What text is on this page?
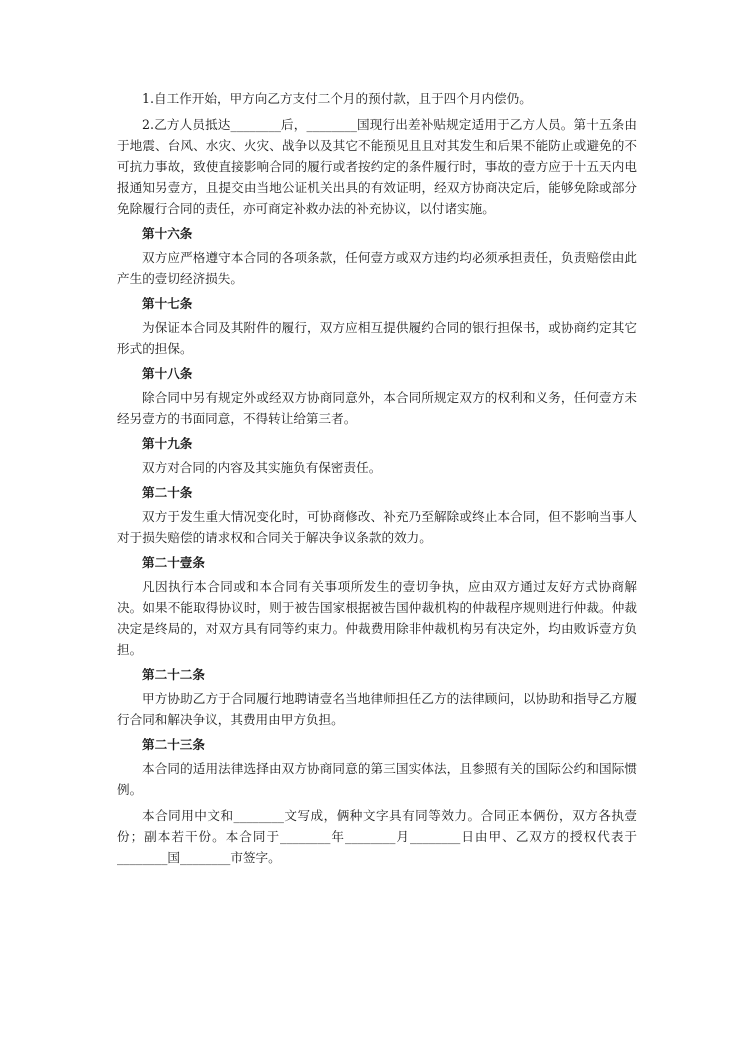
1.自工作开始，甲方向乙方支付二个月的预付款，且于四个月内偿仍。

2.乙方人员抵达________后，________国现行出差补贴规定适用于乙方人员。第十五条由于地震、台风、水灾、火灾、战争以及其它不能预见且且对其发生和后果不能防止或避免的不可抗力事故，致使直接影响合同的履行或者按约定的条件履行时，事故的壹方应于十五天内电报通知另壹方，且提交由当地公证机关出具的有效证明，经双方协商决定后，能够免除或部分免除履行合同的责任，亦可商定补救办法的补充协议，以付诸实施。

第十六条

双方应严格遵守本合同的各项条款，任何壹方或双方违约均必须承担责任，负责赔偿由此产生的壹切经济损失。

第十七条

为保证本合同及其附件的履行，双方应相互提供履约合同的银行担保书，或协商约定其它形式的担保。

第十八条

除合同中另有规定外或经双方协商同意外，本合同所规定双方的权利和义务，任何壹方未经另壹方的书面同意，不得转让给第三者。

第十九条

双方对合同的内容及其实施负有保密责任。

第二十条

双方于发生重大情况变化时，可协商修改、补充乃至解除或终止本合同，但不影响当事人对于损失赔偿的请求权和合同关于解决争议条款的效力。

第二十壹条

凡因执行本合同或和本合同有关事项所发生的壹切争执，应由双方通过友好方式协商解决。如果不能取得协议时，则于被告国家根据被告国仲裁机构的仲裁程序规则进行仲裁。仲裁决定是终局的，对双方具有同等约束力。仲裁费用除非仲裁机构另有决定外，均由败诉壹方负担。

第二十二条

甲方协助乙方于合同履行地聘请壹名当地律师担任乙方的法律顾问，以协助和指导乙方履行合同和解决争议，其费用由甲方负担。

第二十三条

本合同的适用法律选择由双方协商同意的第三国实体法，且参照有关的国际公约和国际惯例。

本合同用中文和________文写成，俩种文字具有同等效力。合同正本俩份，双方各执壹份；副本若干份。本合同于________年________月________日由甲、乙双方的授权代表于________国________市签字。
